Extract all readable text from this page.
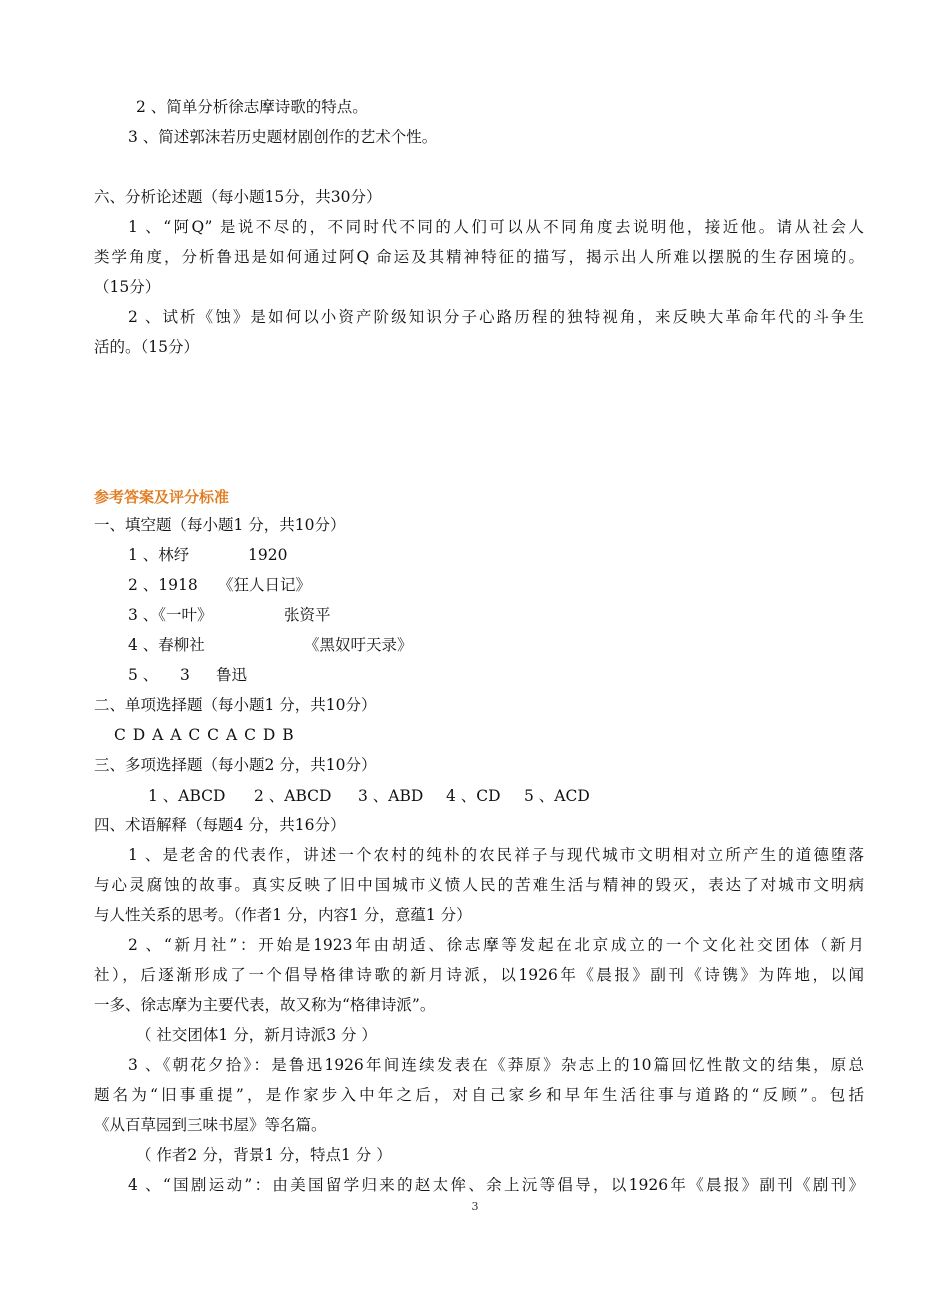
2 、简单分析徐志摩诗歌的特点。
3 、简述郭沫若历史题材剧创作的艺术个性。
六、分析论述题（每小题15分，共30分）
1 、“阿Q” 是说不尽的，不同时代不同的人们可以从不同角度去说明他，接近他。请从社会人
类学角度，分析鲁迅是如何通过阿Q 命运及其精神特征的描写，揭示出人所难以摆脱的生存困境的。
（15分）
2 、试析《蚀》是如何以小资产阶级知识分子心路历程的独特视角，来反映大革命年代的斗争生
活的。（15分）
参考答案及评分标准
一、填空题（每小题1 分，共10分）
1 、林纾	1920
2 、1918 《狂人日记》
3 、《一叶》	张资平
4 、春柳社	《黑奴吁天录》
5 、 3 鲁迅
二、单项选择题（每小题1 分，共10分）
C D A A C C A C D B
三、多项选择题（每小题2 分，共10分）
1 、ABCD 2 、ABCD 3 、ABD 4 、CD 5 、ACD
四、术语解释（每题4 分，共16分）
1 、是老舍的代表作，讲述一个农村的纯朴的农民祥子与现代城市文明相对立所产生的道德堕落
与心灵腐蚀的故事。真实反映了旧中国城市义愤人民的苦难生活与精神的毁灭，表达了对城市文明病
与人性关系的思考。（作者1 分，内容1 分，意蕴1 分）
2 、“新月社”：开始是1923年由胡适、徐志摩等发起在北京成立的一个文化社交团体（新月
社），后逐渐形成了一个倡导格律诗歌的新月诗派，以1926年《晨报》副刊《诗镌》为阵地，以闻
一多、徐志摩为主要代表，故又称为“格律诗派”。
（ 社交团体1 分，新月诗派3 分 ）
3 、《朝花夕拾》：是鲁迅1926年间连续发表在《莽原》杂志上的10篇回忆性散文的结集，原总
题名为“旧事重提”，是作家步入中年之后，对自己家乡和早年生活往事与道路的“反顾”。包括
《从百草园到三味书屋》等名篇。
（ 作者2 分，背景1 分，特点1 分 ）
4 、“国剧运动”：由美国留学归来的赵太侔、余上沅等倡导，以1926年《晨报》副刊《剧刊》
3
